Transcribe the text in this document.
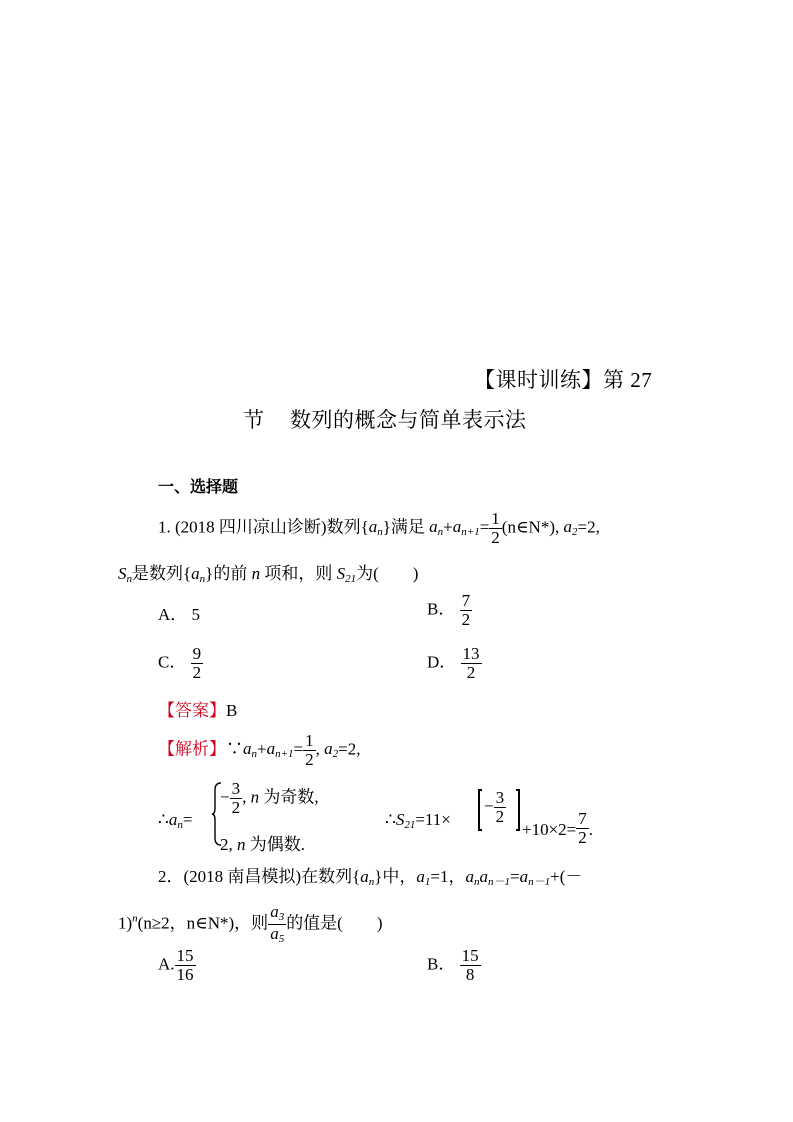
【课时训练】第 27
节 数列的概念与简单表示法
一、选择题
1. (2018 四川凉山诊断)数列$\{a_n\}$满足 $a_n+a_{n+1}= \frac{1}{2}$ (n∈N*), $a_2=2$,
$S_n$是数列$\{a_n\}$的前 n 项和，则 $S_{21}$为(　　)
A． 5	B． $\frac{7}{2}$
C． $\frac{9}{2}$	D． $\frac{13}{2}$
【答案】B
【解析】$\because a_n+a_{n+1}= \frac{1}{2}$ , $a_2=2$,
$\therefore a_n=$
− $\frac{3}{2}$ , n 为奇数,
2, n 为偶数.
$\therefore S_{21}=11\times$
− $\frac{3}{2}$
$+10\times 2= \frac{7}{2}$ .
2．(2018 南昌模拟)在数列$\{a_n\}$中，$a_1=1$，$a_na_{n-1}=a_{n-1}+(-$
1)$^n$(n≥2，n∈N*)，则 $\frac{a_3}{a_5}$ 的值是(　　)
A. $\frac{15}{16}$	B． $\frac{15}{8}$
